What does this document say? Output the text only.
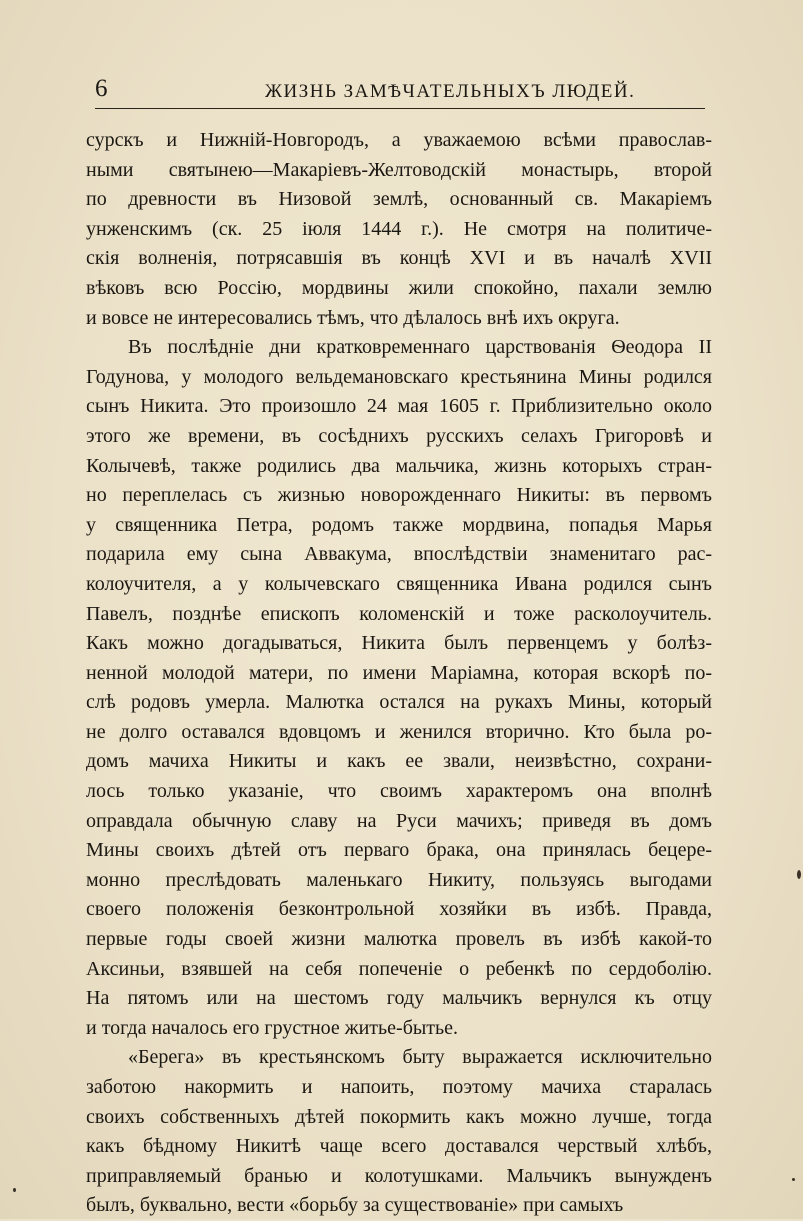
6	ЖИЗНЬ ЗАМѢЧАТЕЛЬНЫХЪ ЛЮДЕЙ.
сурскъ и Нижній-Новгородъ, а уважаемою всѣми православ-
ными святынею—Макаріевъ-Желтоводскій монастырь, второй
по древности въ Низовой землѣ, основанный св. Макаріемъ
унженскимъ (ск. 25 іюля 1444 г.). Не смотря на политиче-
скія волненія, потрясавшія въ концѣ XVI и въ началѣ XVII
вѣковъ всю Россію, мордвины жили спокойно, пахали землю
и вовсе не интересовались тѣмъ, что дѣлалось внѣ ихъ округа.
Въ послѣдніе дни кратковременнаго царствованія Ѳеодора II
Годунова, у молодого вельдемановскаго крестьянина Мины родился
сынъ Никита. Это произошло 24 мая 1605 г. Приблизительно около
этого же времени, въ сосѣднихъ русскихъ селахъ Григоровѣ и
Колычевѣ, также родились два мальчика, жизнь которыхъ стран-
но переплелась съ жизнью новорожденнаго Никиты: въ первомъ
у священника Петра, родомъ также мордвина, попадья Марья
подарила ему сына Аввакума, впослѣдствіи знаменитаго рас-
колоучителя, а у колычевскаго священника Ивана родился сынъ
Павелъ, позднѣе епископъ коломенскій и тоже расколоучитель.
Какъ можно догадываться, Никита былъ первенцемъ у болѣз-
ненной молодой матери, по имени Маріамна, которая вскорѣ по-
слѣ родовъ умерла. Малютка остался на рукахъ Мины, который
не долго оставался вдовцомъ и женился вторично. Кто была ро-
домъ мачиха Никиты и какъ ее звали, неизвѣстно, сохрани-
лось только указаніе, что своимъ характеромъ она вполнѣ
оправдала обычную славу на Руси мачихъ; приведя въ домъ
Мины своихъ дѣтей отъ перваго брака, она принялась бецере-
монно преслѣдовать маленькаго Никиту, пользуясь выгодами
своего положенія безконтрольной хозяйки въ избѣ. Правда,
первые годы своей жизни малютка провелъ въ избѣ какой-то
Аксиньи, взявшей на себя попеченіе о ребенкѣ по сердоболію.
На пятомъ или на шестомъ году мальчикъ вернулся къ отцу
и тогда началось его грустное житье-бытье.
«Берега» въ крестьянскомъ быту выражается исключительно
заботою накормить и напоить, поэтому мачиха старалась
своихъ собственныхъ дѣтей покормить какъ можно лучше, тогда
какъ бѣдному Никитѣ чаще всего доставался черствый хлѣбъ,
приправляемый бранью и колотушками. Мальчикъ вынужденъ
былъ, буквально, вести «борьбу за существованіе» при самыхъ
